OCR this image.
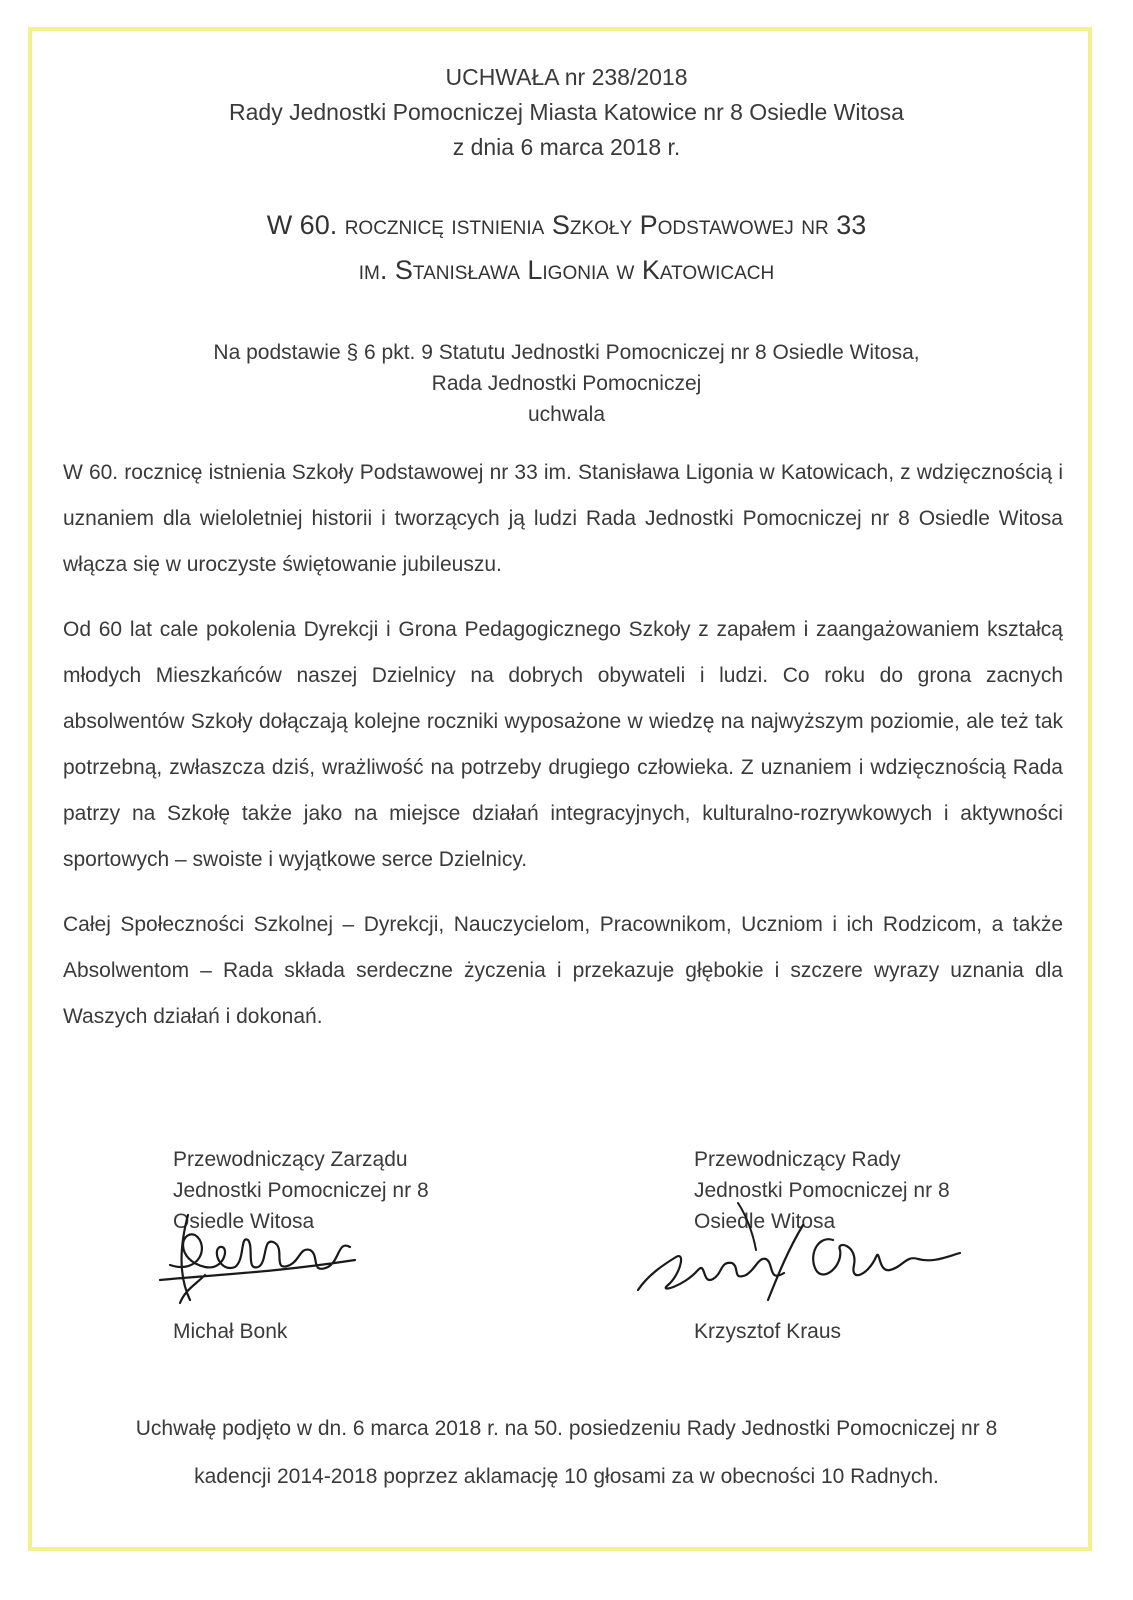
UCHWAŁA nr 238/2018
Rady Jednostki Pomocniczej Miasta Katowice nr 8 Osiedle Witosa
z dnia 6 marca 2018 r.
W 60. rocznicę istnienia Szkoły Podstawowej nr 33
im. Stanisława Ligonia w Katowicach
Na podstawie § 6 pkt. 9 Statutu Jednostki Pomocniczej nr 8 Osiedle Witosa,
Rada Jednostki Pomocniczej
uchwala

W 60. rocznicę istnienia Szkoły Podstawowej nr 33 im. Stanisława Ligonia w Katowicach, z wdzięcznością i uznaniem dla wieloletniej historii i tworzących ją ludzi Rada Jednostki Pomocniczej nr 8 Osiedle Witosa włącza się w uroczyste świętowanie jubileuszu.

Od 60 lat cale pokolenia Dyrekcji i Grona Pedagogicznego Szkoły z zapałem i zaangażowaniem kształcą młodych Mieszkańców naszej Dzielnicy na dobrych obywateli i ludzi. Co roku do grona zacnych absolwentów Szkoły dołączają kolejne roczniki wyposażone w wiedzę na najwyższym poziomie, ale też tak potrzebną, zwłaszcza dziś, wrażliwość na potrzeby drugiego człowieka. Z uznaniem i wdzięcznością Rada patrzy na Szkołę także jako na miejsce działań integracyjnych, kulturalno-rozrywkowych i aktywności sportowych – swoiste i wyjątkowe serce Dzielnicy.

Całej Społeczności Szkolnej – Dyrekcji, Nauczycielom, Pracownikom, Uczniom i ich Rodzicom, a także Absolwentom – Rada składa serdeczne życzenia i przekazuje głębokie i szczere wyrazy uznania dla Waszych działań i dokonań.

Przewodniczący Zarządu
Jednostki Pomocniczej nr 8
Osiedle Witosa
Michał Bonk
Przewodniczący Rady
Jednostki Pomocniczej nr 8
Osiedle Witosa
Krzysztof Kraus
Uchwałę podjęto w dn. 6 marca 2018 r. na 50. posiedzeniu Rady Jednostki Pomocniczej nr 8
kadencji 2014-2018 poprzez aklamację 10 głosami za w obecności 10 Radnych.
